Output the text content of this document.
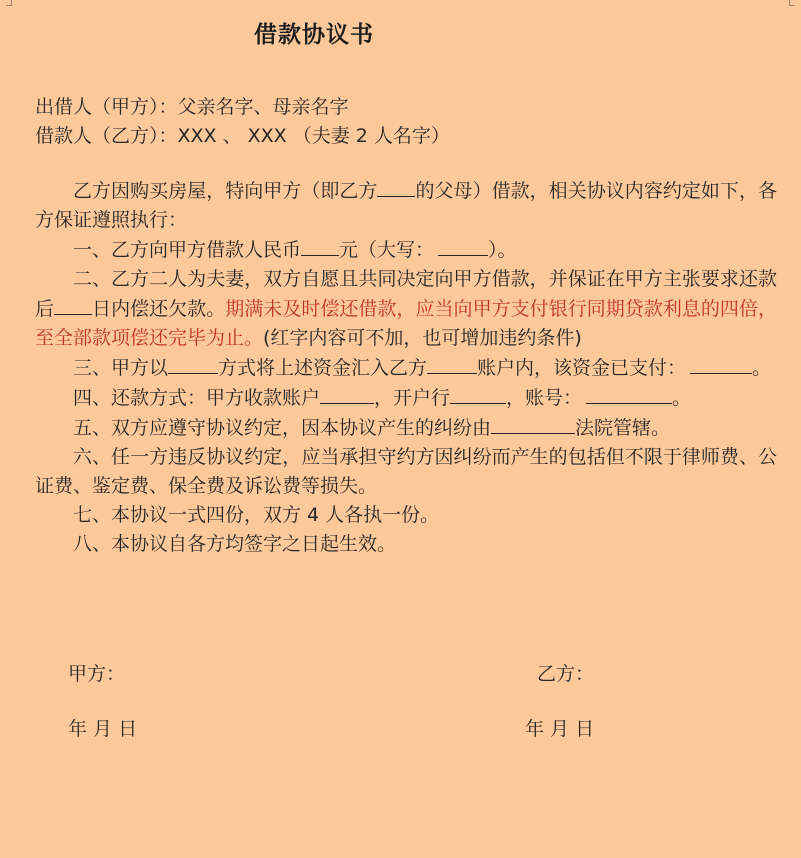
借款协议书
出借人（甲方）：父亲名字、母亲名字
借款人（乙方）：XXX 、 XXX （夫妻 2 人名字）

乙方因购买房屋，特向甲方（即乙方 的父母）借款，相关协议内容约定如下，各方保证遵照执行：

一、乙方向甲方借款人民币 元（大写：	）。

二、乙方二人为夫妻，双方自愿且共同决定向甲方借款，并保证在甲方主张要求还款后 日内偿还欠款。期满未及时偿还借款，应当向甲方支付银行同期贷款利息的四倍，至全部款项偿还完毕为止。(红字内容可不加，也可增加违约条件)

三、甲方以	方式将上述资金汇入乙方	账户内，该资金已支付：	。

四、还款方式：甲方收款账户	，开户行	，账号：	。

五、双方应遵守协议约定，因本协议产生的纠纷由	法院管辖。

六、任一方违反协议约定，应当承担守约方因纠纷而产生的包括但不限于律师费、公证费、鉴定费、保全费及诉讼费等损失。

七、本协议一式四份，双方 4 人各执一份。

八、本协议自各方均签字之日起生效。

甲方：	乙方：
年 月 日	年 月 日
